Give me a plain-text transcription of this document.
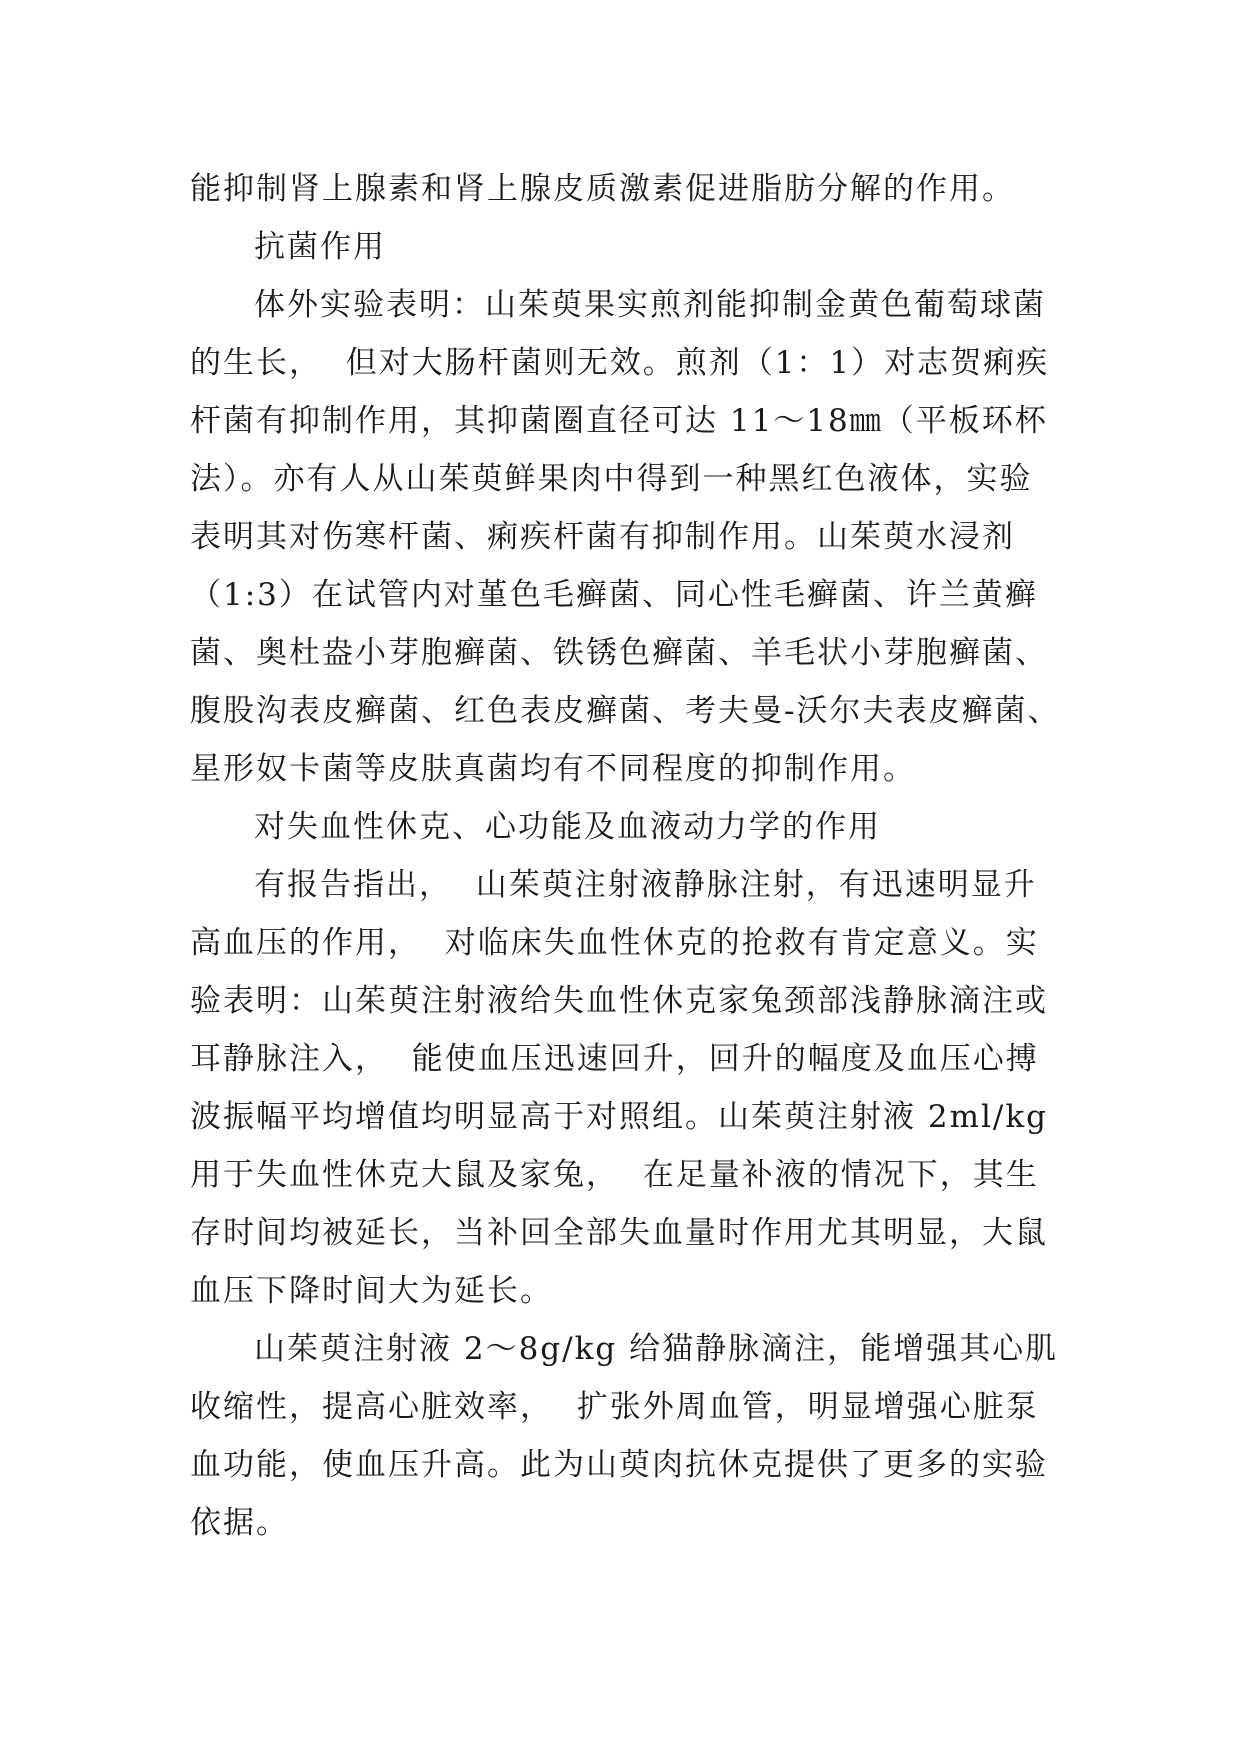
能抑制肾上腺素和肾上腺皮质激素促进脂肪分解的作用。
抗菌作用
体外实验表明：山茱萸果实煎剂能抑制金黄色葡萄球菌
的生长，  但对大肠杆菌则无效。煎剂（1：1）对志贺痢疾
杆菌有抑制作用，其抑菌圈直径可达 11～18㎜（平板环杯
法）。亦有人从山茱萸鲜果肉中得到一种黑红色液体，实验
表明其对伤寒杆菌、痢疾杆菌有抑制作用。山茱萸水浸剂
（1:3）在试管内对堇色毛癣菌、同心性毛癣菌、许兰黄癣
菌、奥杜盎小芽胞癣菌、铁锈色癣菌、羊毛状小芽胞癣菌、
腹股沟表皮癣菌、红色表皮癣菌、考夫曼-沃尔夫表皮癣菌、
星形奴卡菌等皮肤真菌均有不同程度的抑制作用。
对失血性休克、心功能及血液动力学的作用
有报告指出，  山茱萸注射液静脉注射，有迅速明显升
高血压的作用，  对临床失血性休克的抢救有肯定意义。实
验表明：山茱萸注射液给失血性休克家兔颈部浅静脉滴注或
耳静脉注入，  能使血压迅速回升，回升的幅度及血压心搏
波振幅平均增值均明显高于对照组。山茱萸注射液 2ml/kg
用于失血性休克大鼠及家兔，  在足量补液的情况下，其生
存时间均被延长，当补回全部失血量时作用尤其明显，大鼠
血压下降时间大为延长。
山茱萸注射液 2～8g/kg 给猫静脉滴注，能增强其心肌
收缩性，提高心脏效率，  扩张外周血管，明显增强心脏泵
血功能，使血压升高。此为山萸肉抗休克提供了更多的实验
依据。
